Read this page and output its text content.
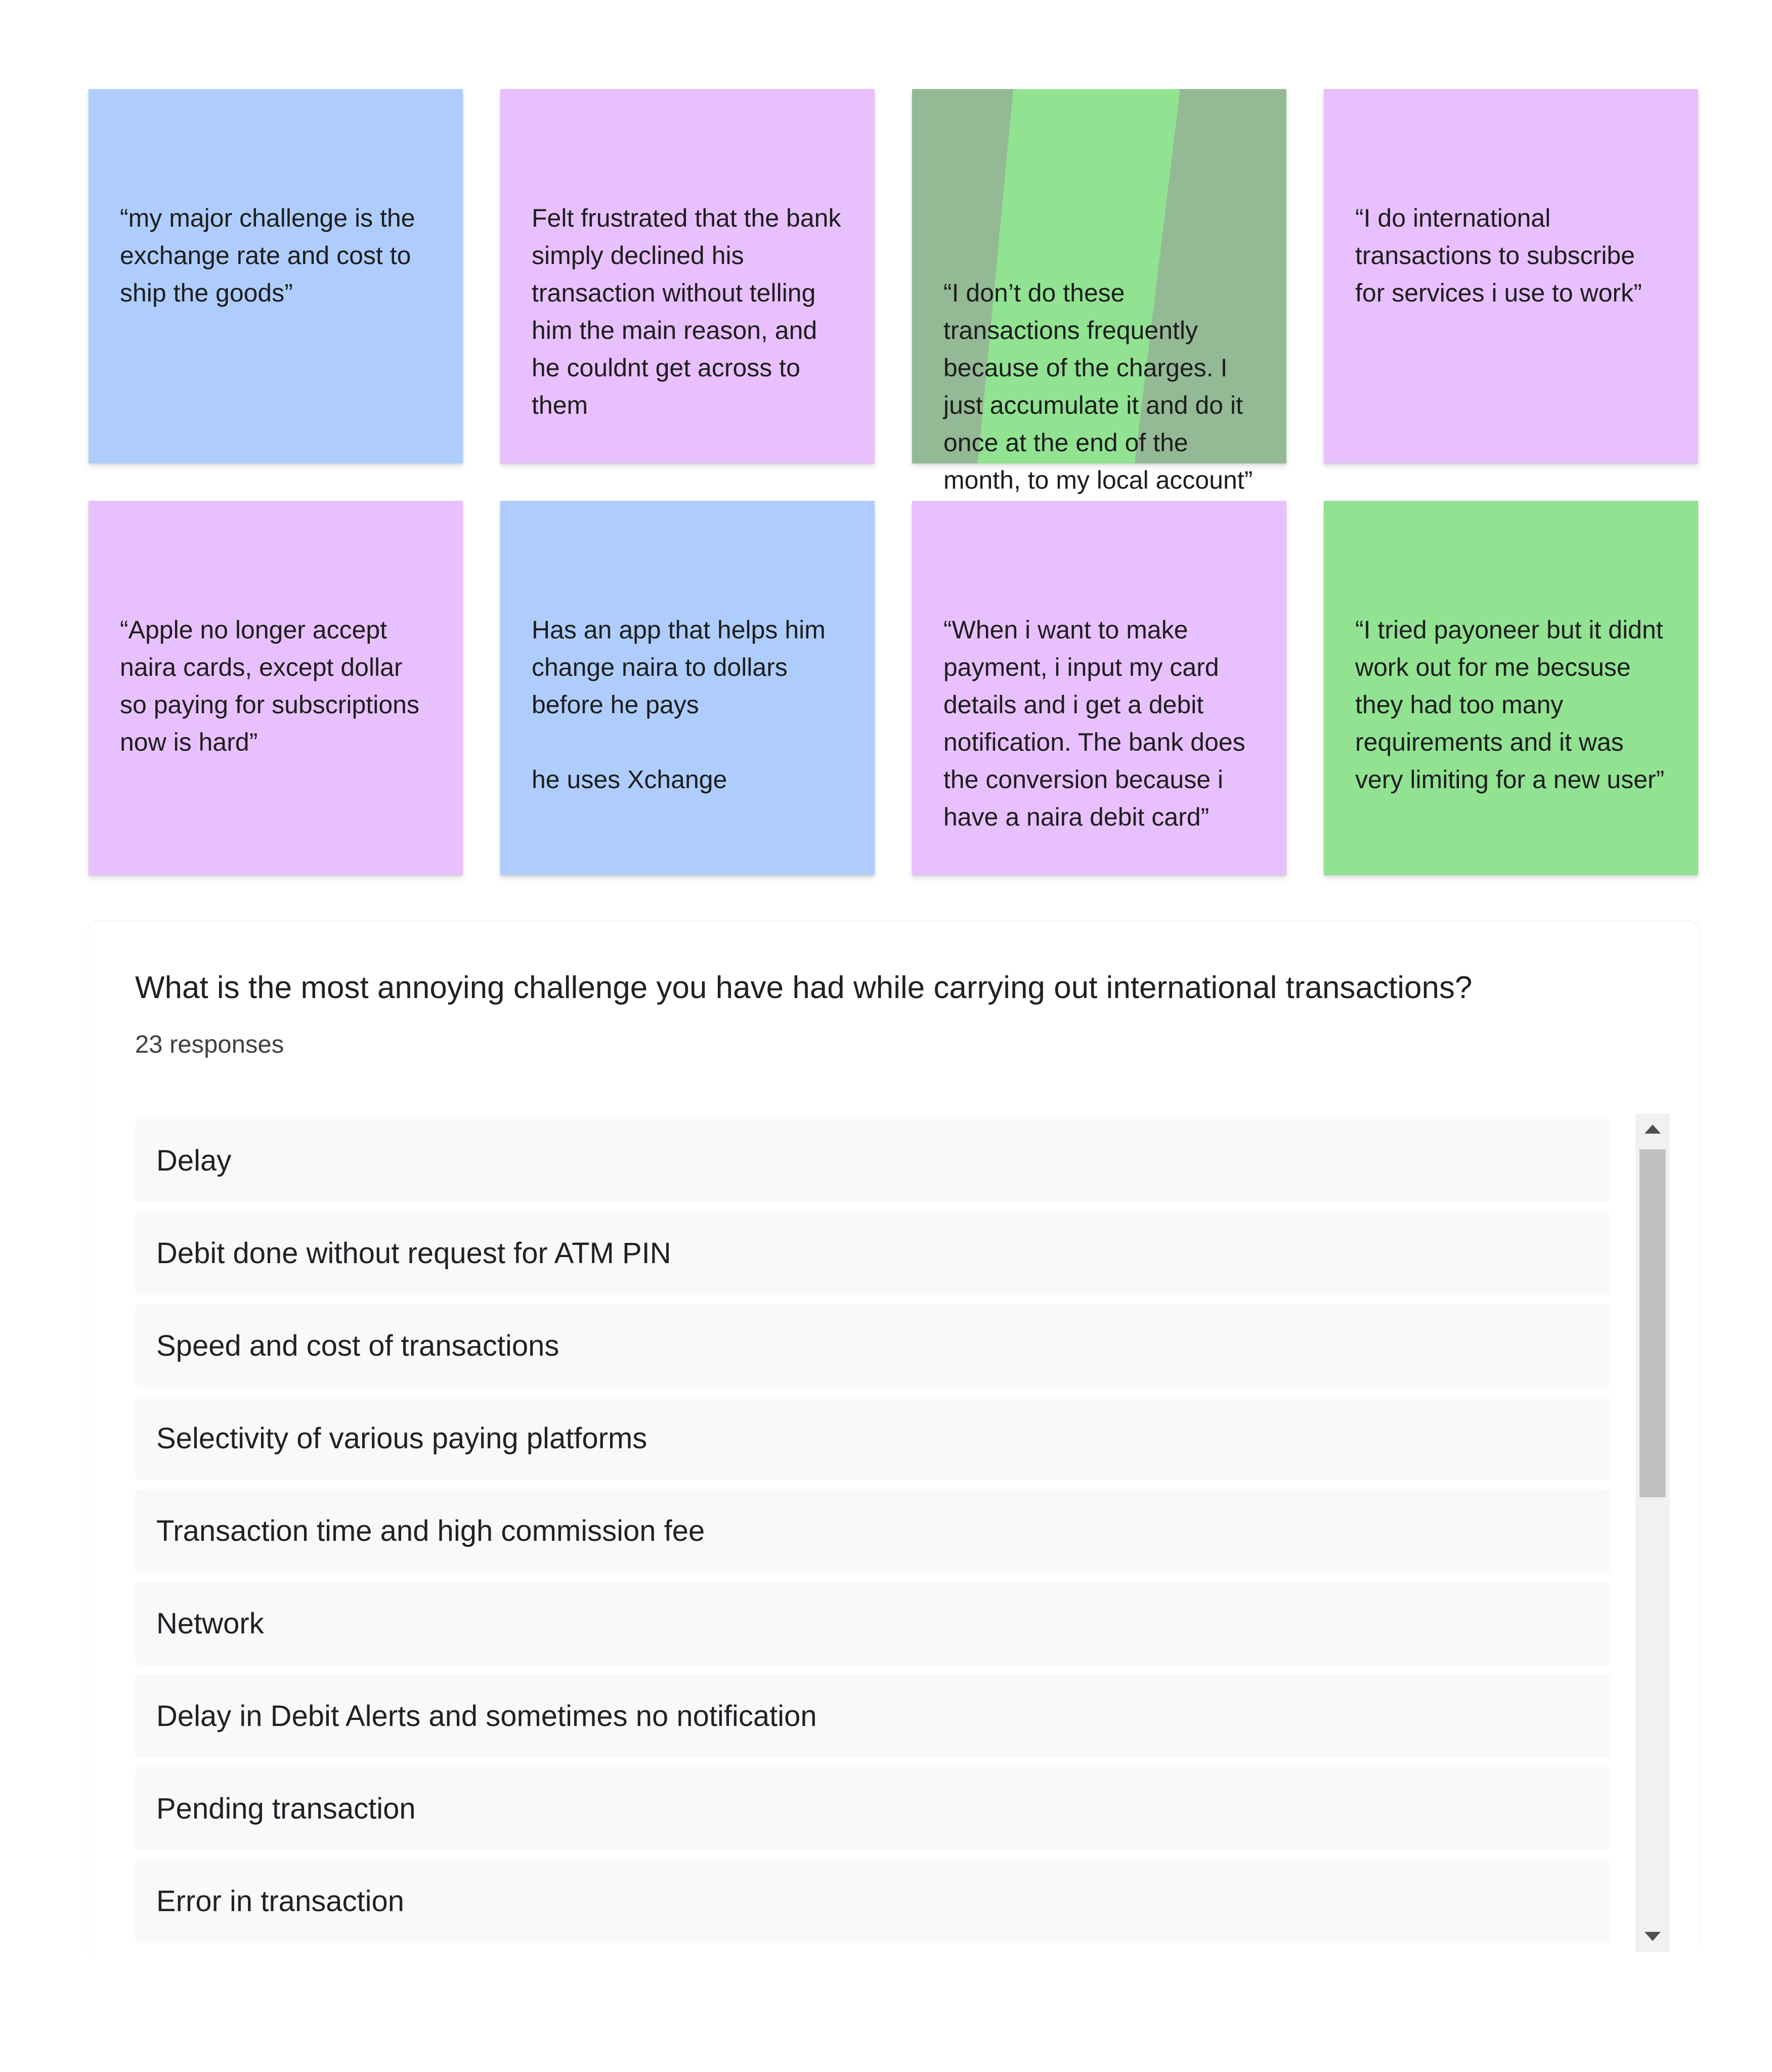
“my major challenge is the exchange rate and cost to ship the goods”

Felt frustrated that the bank simply declined his transaction without telling him the main reason, and he couldnt get across to them

“I don’t do these transactions frequently because of the charges. I just accumulate it and do it once at the end of the month, to my local account”

“I do international transactions to subscribe for services i use to work”

“Apple no longer accept naira cards, except dollar so paying for subscriptions now is hard”

Has an app that helps him change naira to dollars before he pays

he uses Xchange

“When i want to make payment, i input my card details and i get a debit notification. The bank does the conversion because i have a naira debit card”

“I tried payoneer but it didnt work out for me becsuse they had too many requirements and it was very limiting for a new user”

What is the most annoying challenge you have had while carrying out international transactions?
23 responses
Delay
Debit done without request for ATM PIN
Speed and cost of transactions
Selectivity of various paying platforms
Transaction time and high commission fee
Network
Delay in Debit Alerts and sometimes no notification
Pending transaction
Error in transaction
